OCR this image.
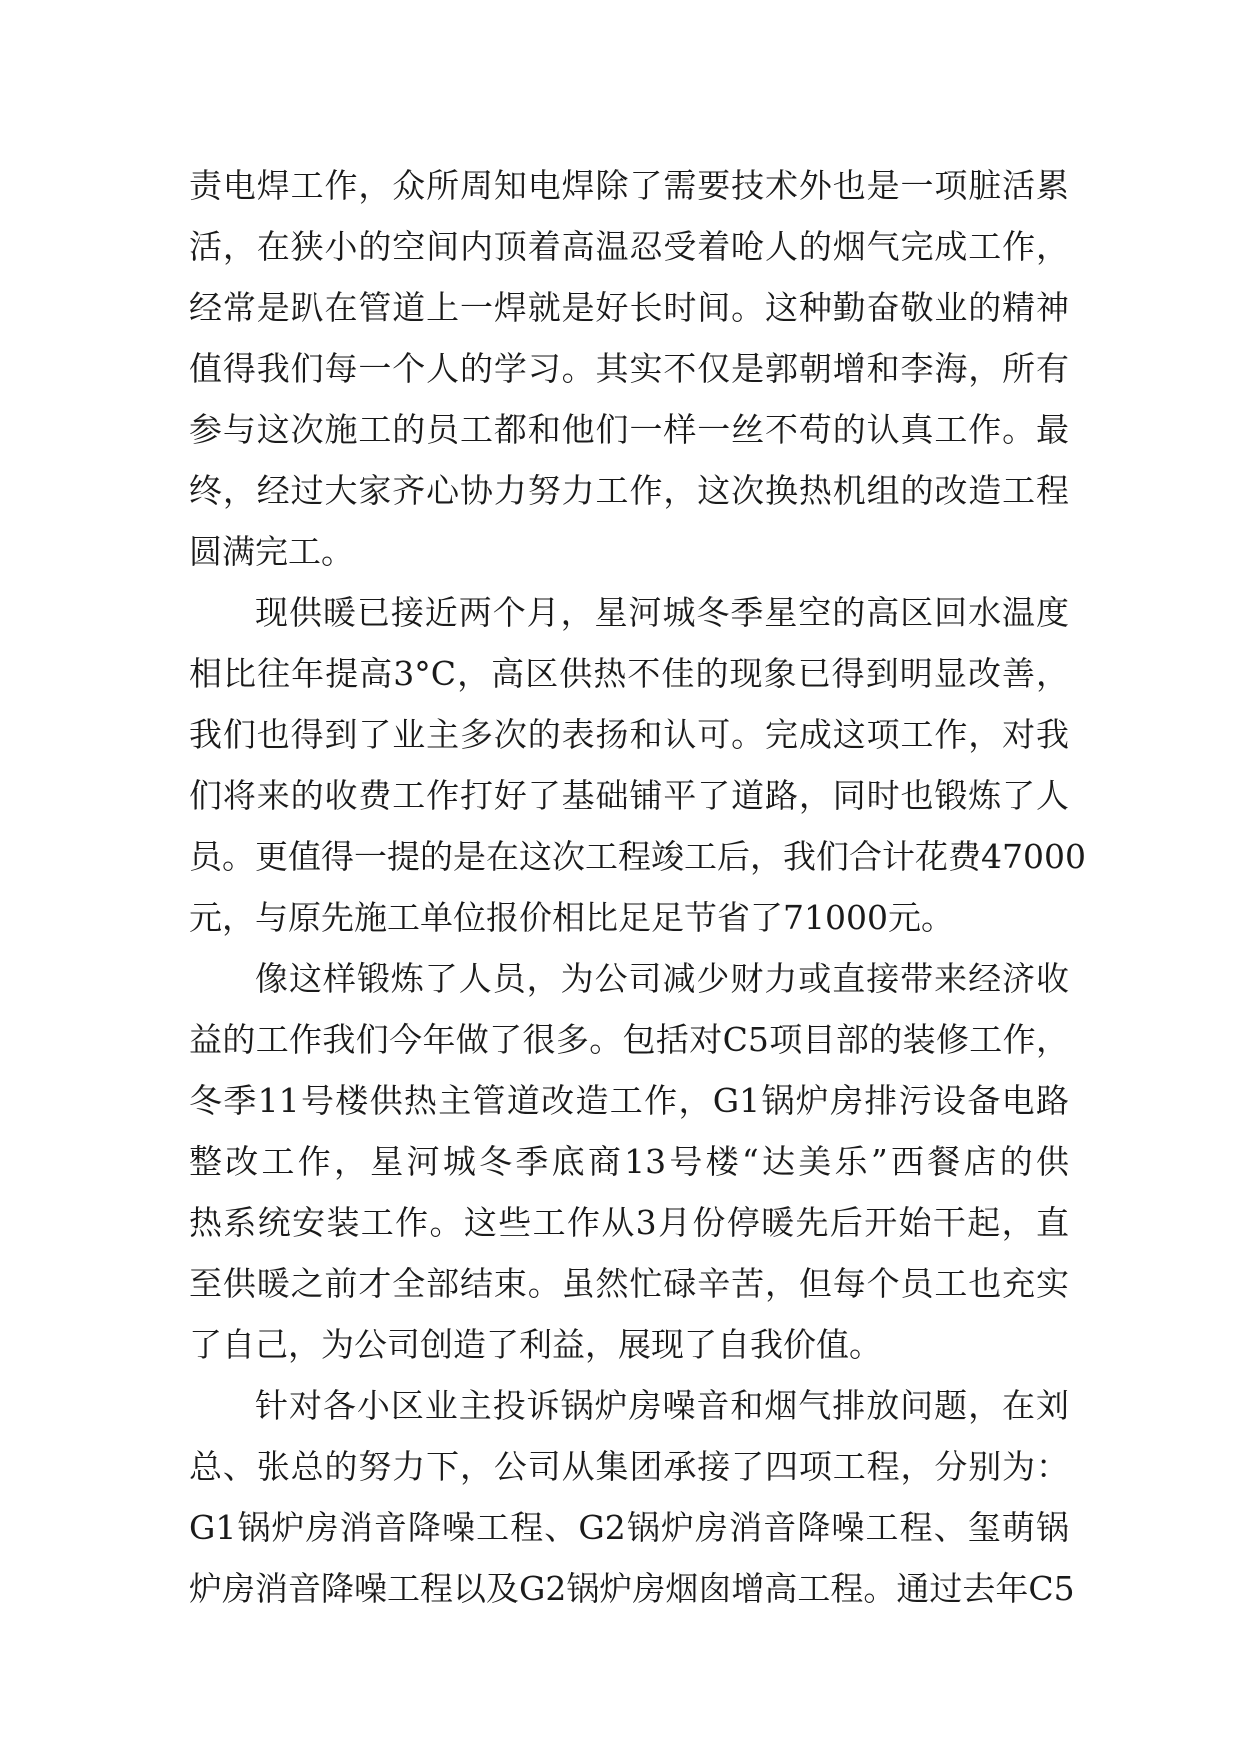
责电焊工作，众所周知电焊除了需要技术外也是一项脏活累
活，在狭小的空间内顶着高温忍受着呛人的烟气完成工作，
经常是趴在管道上一焊就是好长时间。这种勤奋敬业的精神
值得我们每一个人的学习。其实不仅是郭朝增和李海，所有
参与这次施工的员工都和他们一样一丝不苟的认真工作。最
终，经过大家齐心协力努力工作，这次换热机组的改造工程
圆满完工。
现供暖已接近两个月，星河城冬季星空的高区回水温度
相比往年提高3°C，高区供热不佳的现象已得到明显改善，
我们也得到了业主多次的表扬和认可。完成这项工作，对我
们将来的收费工作打好了基础铺平了道路，同时也锻炼了人
员。更值得一提的是在这次工程竣工后，我们合计花费47000
元，与原先施工单位报价相比足足节省了71000元。
像这样锻炼了人员，为公司减少财力或直接带来经济收
益的工作我们今年做了很多。包括对C5项目部的装修工作，
冬季11号楼供热主管道改造工作，G1锅炉房排污设备电路
整改工作，星河城冬季底商13号楼“达美乐”西餐店的供
热系统安装工作。这些工作从3月份停暖先后开始干起，直
至供暖之前才全部结束。虽然忙碌辛苦，但每个员工也充实
了自己，为公司创造了利益，展现了自我价值。
针对各小区业主投诉锅炉房噪音和烟气排放问题，在刘
总、张总的努力下，公司从集团承接了四项工程，分别为：
G1锅炉房消音降噪工程、G2锅炉房消音降噪工程、玺萌锅
炉房消音降噪工程以及G2锅炉房烟囱增高工程。通过去年C5
